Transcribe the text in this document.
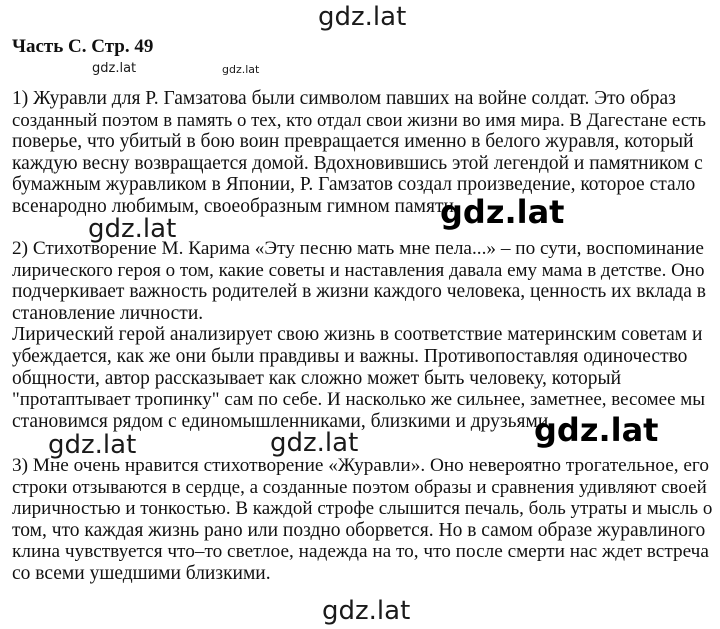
gdz.lat
gdz.lat	gdz.lat
Часть С. Стр. 49
1) Журавли для Р. Гамзатова были символом павших на войне солдат. Это образ
созданный поэтом в память о тех, кто отдал свои жизни во имя мира. В Дагестане есть
поверье, что убитый в бою воин превращается именно в белого журавля, который
каждую весну возвращается домой. Вдохновившись этой легендой и памятником с
бумажным журавликом в Японии, Р. Гамзатов создал произведение, которое стало
всенародно любимым, своеобразным гимном памяти.
gdz.lat
gdz.lat
2) Стихотворение М. Карима «Эту песню мать мне пела...» – по сути, воспоминание
лирического героя о том, какие советы и наставления давала ему мама в детстве. Оно
подчеркивает важность родителей в жизни каждого человека, ценность их вклада в
становление личности.
Лирический герой анализирует свою жизнь в соответствие материнским советам и
убеждается, как же они были правдивы и важны. Противопоставляя одиночество
общности, автор рассказывает как сложно может быть человеку, который
"протаптывает тропинку" сам по себе. И насколько же сильнее, заметнее, весомее мы
становимся рядом с единомышленниками, близкими и друзьями.
gdz.lat
gdz.lat	gdz.lat
3) Мне очень нравится стихотворение «Журавли». Оно невероятно трогательное, его
строки отзываются в сердце, а созданные поэтом образы и сравнения удивляют своей
лиричностью и тонкостью. В каждой строфе слышится печаль, боль утраты и мысль о
том, что каждая жизнь рано или поздно оборвется. Но в самом образе журавлиного
клина чувствуется что–то светлое, надежда на то, что после смерти нас ждет встреча
со всеми ушедшими близкими.
gdz.lat
